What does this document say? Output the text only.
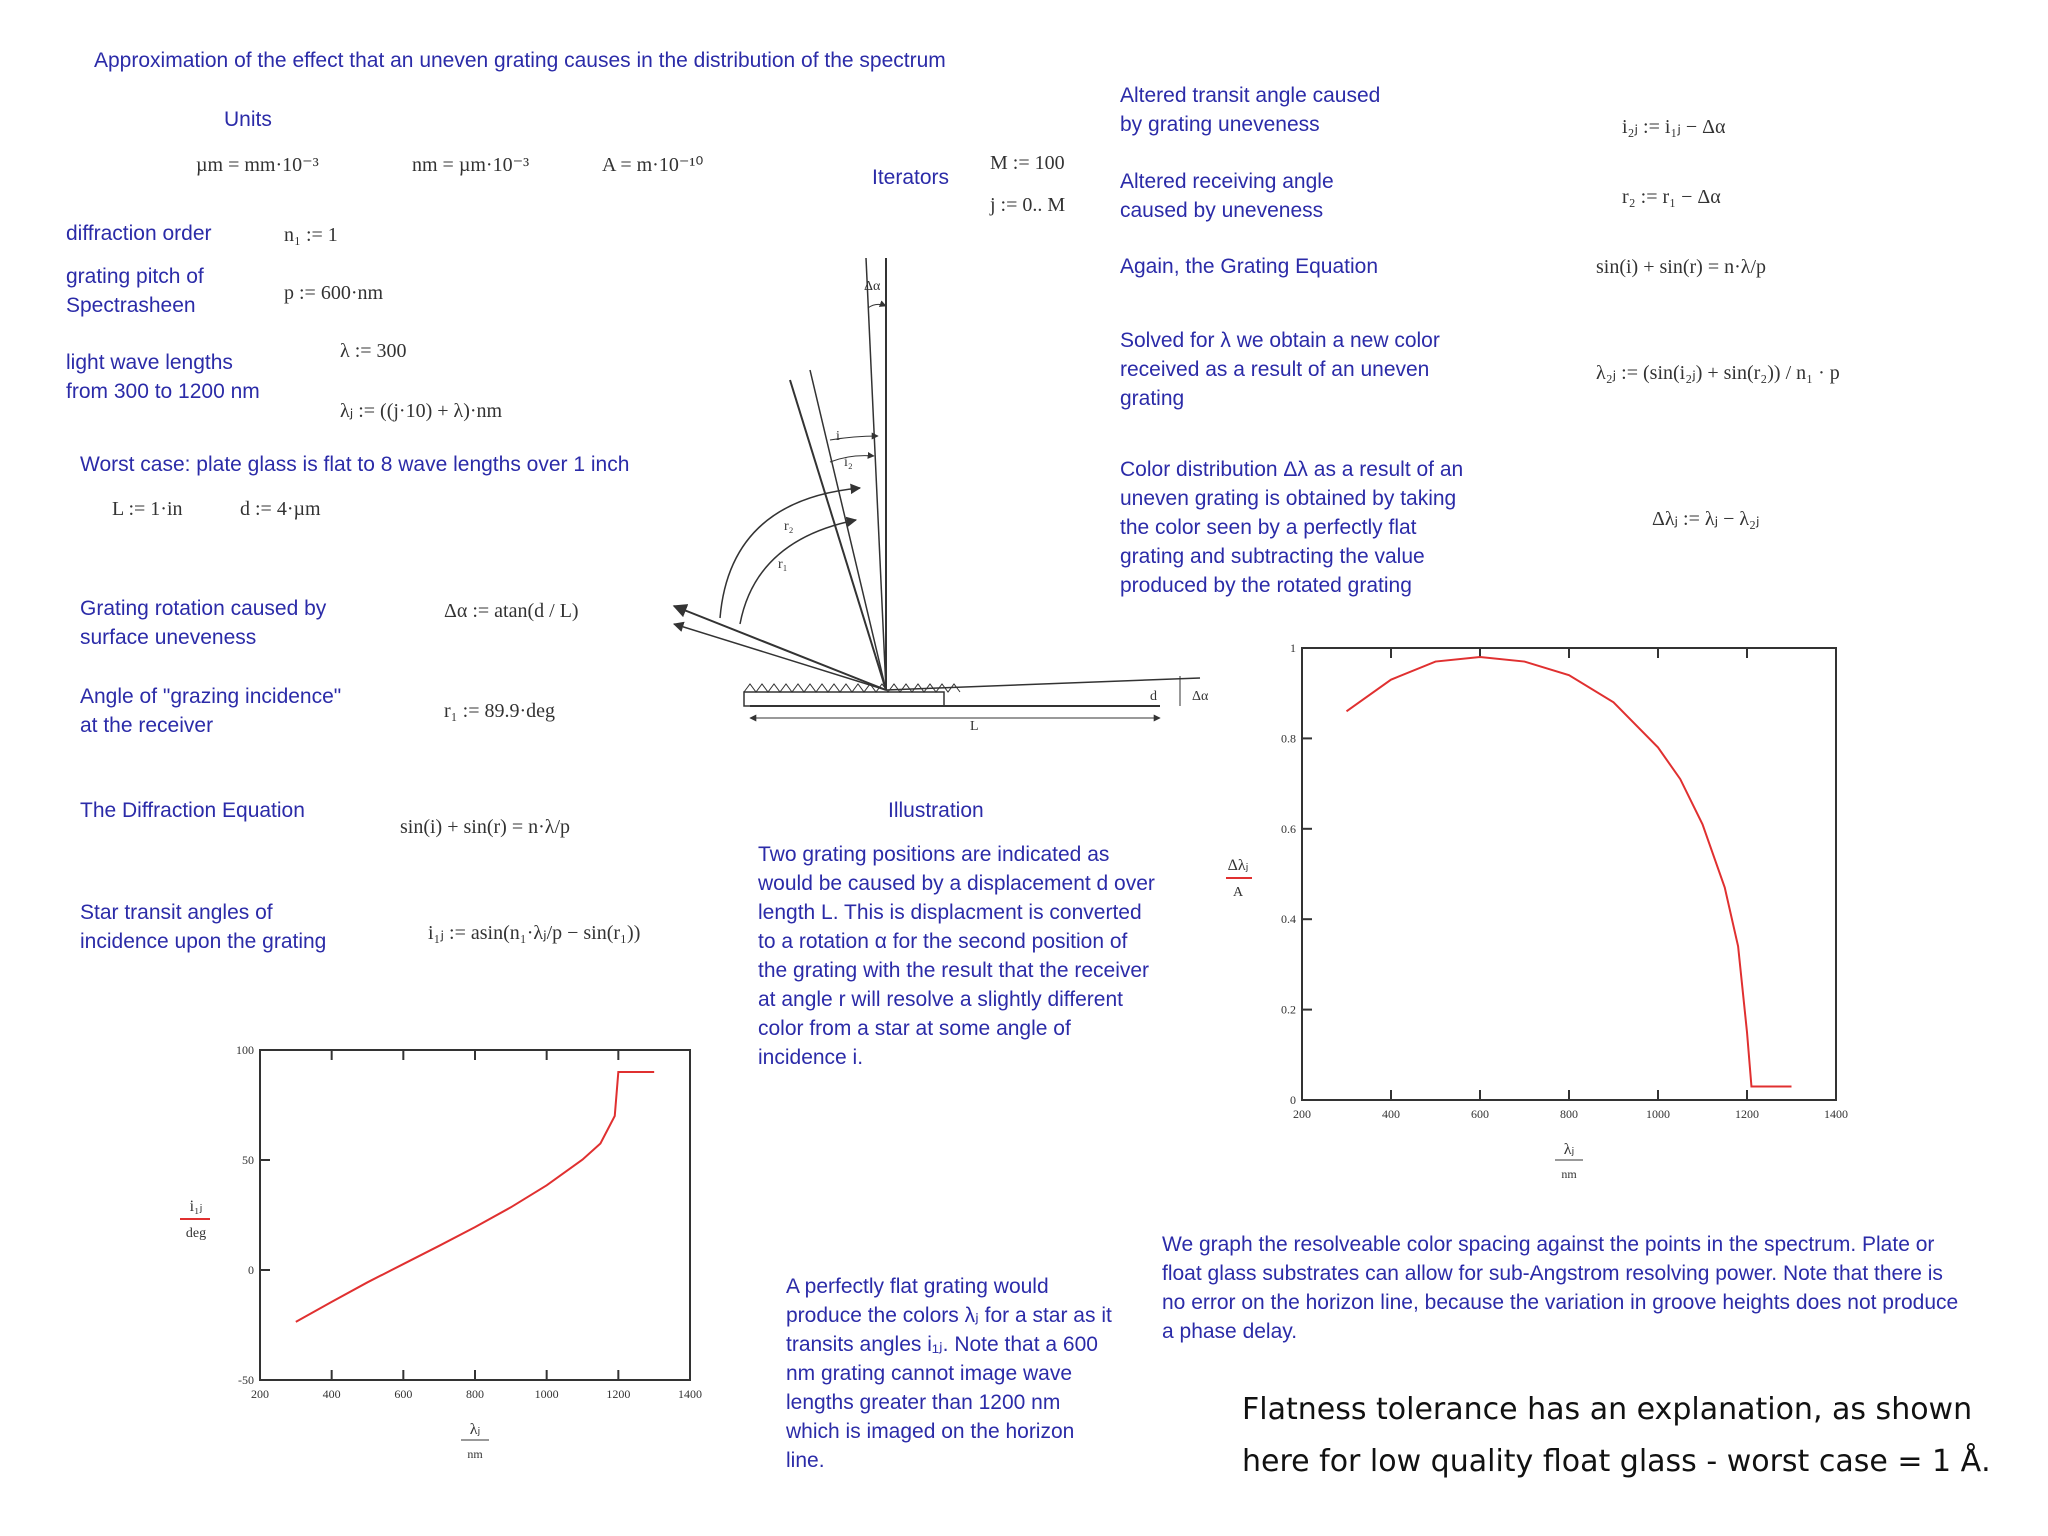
Approximation of the effect that an uneven grating causes in the distribution of the spectrum
Units
µm = mm·10⁻³	nm = µm·10⁻³	A = m·10⁻¹⁰
Iterators
M := 100
j := 0.. M
diffraction order	n₁ := 1
grating pitch of
Spectrasheen
p := 600·nm
light wave lengths
from 300 to 1200 nm
λ := 300
λⱼ := ((j·10) + λ)·nm
Worst case: plate glass is flat to 8 wave lengths over 1 inch
L := 1·in	d := 4·µm
Grating rotation caused by
surface uneveness
Δα := atan(d / L)
Angle of "grazing incidence"
at the receiver
r₁ := 89.9·deg
The Diffraction Equation
sin(i) + sin(r) = n·λ/p
Star transit angles of
incidence upon the grating	i₁ⱼ := asin(n₁·λⱼ/p − sin(r₁))
Altered transit angle caused
by grating uneveness	i₂ⱼ := i₁ⱼ − Δα
Altered receiving angle
caused by uneveness
r₂ := r₁ − Δα
Again, the Grating Equation	sin(i) + sin(r) = n·λ/p
Solved for λ we obtain a new color
received as a result of an uneven
grating
λ₂ⱼ := (sin(i₂ⱼ) + sin(r₂)) / n₁ · p
Color distribution Δλ as a result of an
uneven grating is obtained by taking
the color seen by a perfectly flat
grating and subtracting the value
produced by the rotated grating
Δλⱼ := λⱼ − λ₂ⱼ
Δα
i
i₂
r₂
r₁
L
d	Δα
Illustration
Two grating positions are indicated as would be caused by a displacement d over length L. This is displacment is converted to a rotation α for the second position of the grating with the result that the receiver at angle r will resolve a slightly different color from a star at some angle of incidence i.
A perfectly flat grating would produce the colors λⱼ for a star as it transits angles i₁ⱼ. Note that a 600 nm grating cannot image wave lengths greater than 1200 nm which is imaged on the horizon line.
We graph the resolveable color spacing against the points in the spectrum. Plate or float glass substrates can allow for sub-Angstrom resolving power. Note that there is no error on the horizon line, because the variation in groove heights does not produce a phase delay.
Flatness tolerance has an explanation, as shown here for low quality float glass - worst case = 1 Å.
200	400	600	800	1000	1200	1400
-50
0
50
100
λⱼ
nm
i₁ⱼ
deg
200	400	600	800	1000	1200	1400
0
0.2
0.4
0.6
0.8
1
λⱼ
nm
Δλⱼ
A
